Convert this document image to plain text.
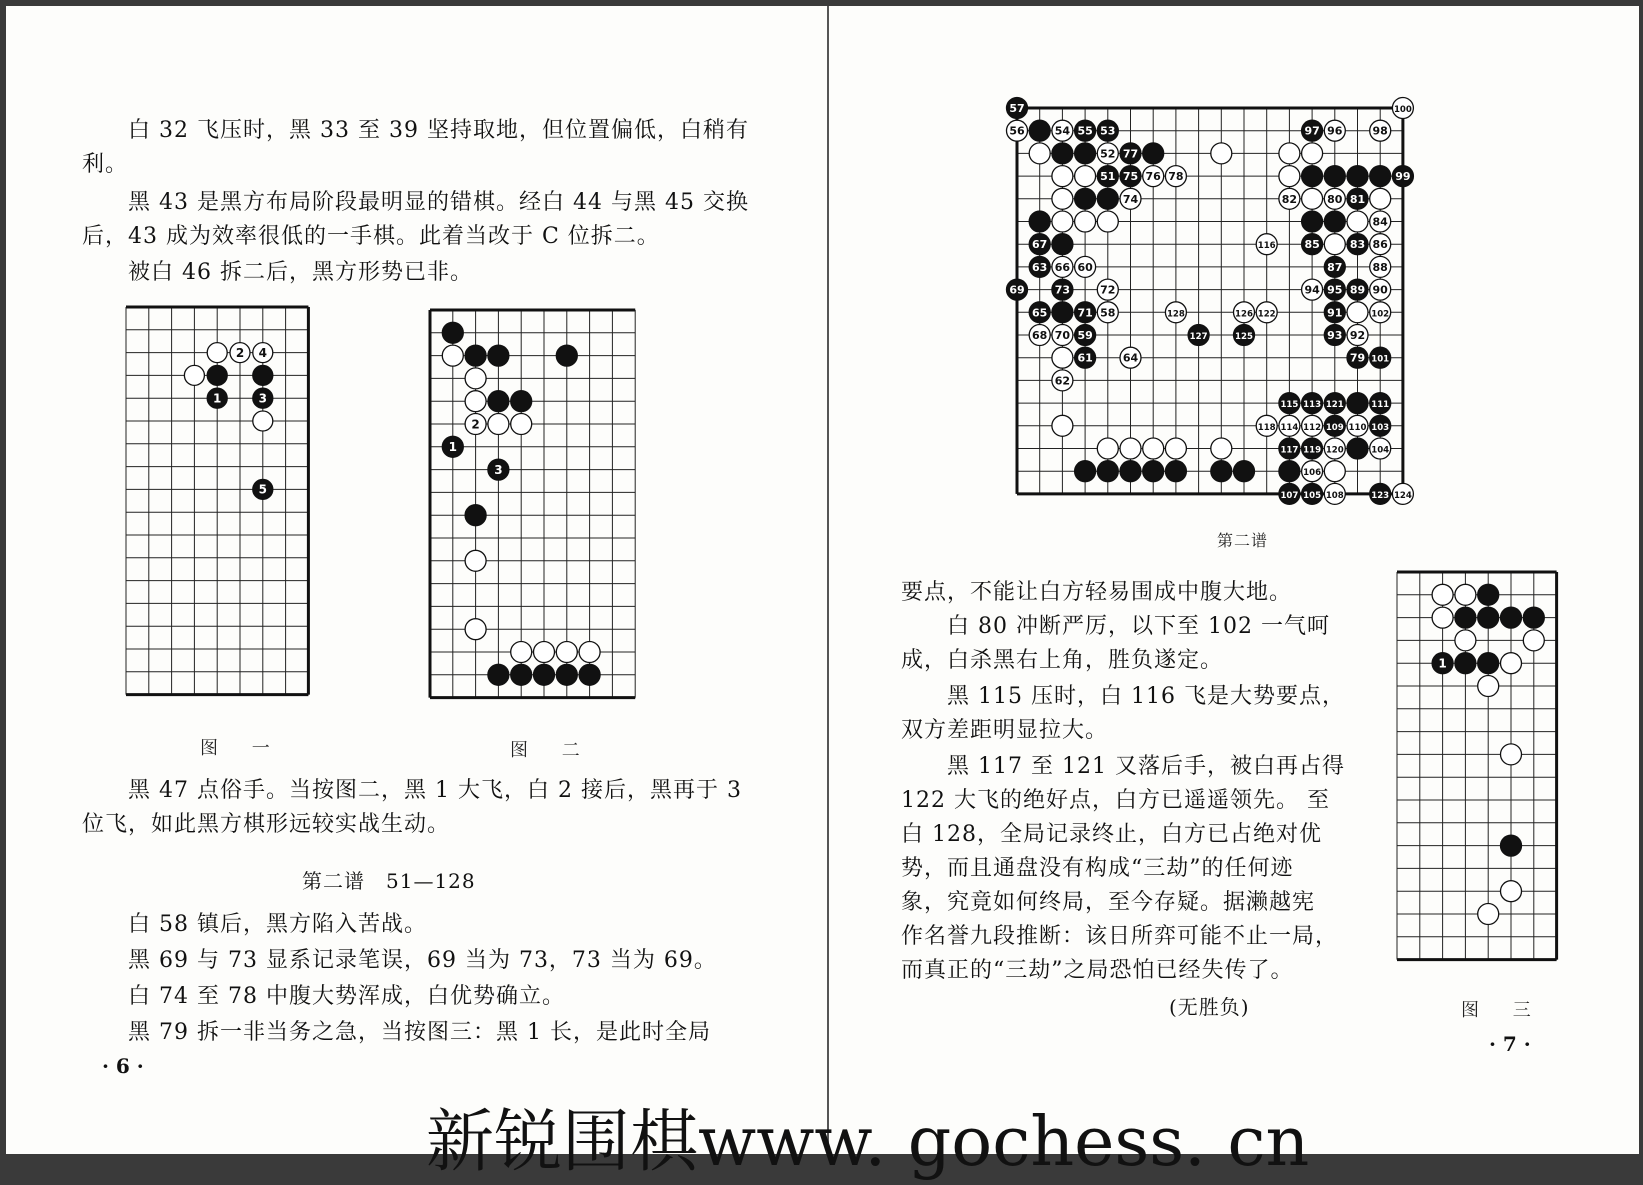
　　白 32 飞压时，黑 33 至 39 坚持取地，但位置偏低，白稍有
利。
　　黑 43 是黑方布局阶段最明显的错棋。经白 44 与黑 45 交换
后，43 成为效率很低的一手棋。此着当改于 C 位拆二。
　　被白 46 拆二后，黑方形势已非。
2 4
1	3
5
图 一
2
1
3
图 二
　　黑 47 点俗手。当按图二，黑 1 大飞，白 2 接后，黑再于 3
位飞，如此黑方棋形远较实战生动。
第二谱　51—128
　　白 58 镇后，黑方陷入苦战。
　　黑 69 与 73 显系记录笔误，69 当为 73，73 当为 69。
　　白 74 至 78 中腹大势浑成，白优势确立。
　　黑 79 拆一非当务之急，当按图三：黑 1 长，是此时全局
· 6 ·
57	100
56	54 55 53	97 96	98
52 77
51 75 76 78	99
74	82	80 81
84
67	116	85	83 86
63 66 60	87	88
69	73	72	94 95 89 90
65	71 58	128	126 122	91	102
68 70 59	127	125	93 92
61	64	79 101
62
115 113 121	111
118 114 112 109 110 103
117 119 120	104
106
107 105 108	123 124
第二谱
要点，不能让白方轻易围成中腹大地。
　　白 80 冲断严厉，以下至 102 一气呵
成，白杀黑右上角，胜负遂定。
　　黑 115 压时，白 116 飞是大势要点，
双方差距明显拉大。
　　黑 117 至 121 又落后手，被白再占得
122 大飞的绝好点，白方已遥遥领先。 至
白 128，全局记录终止，白方已占绝对优
势，而且通盘没有构成“三劫”的任何迹
象，究竟如何终局，至今存疑。据濑越宪
作名誉九段推断：该日所弈可能不止一局，
而真正的“三劫”之局恐怕已经失传了。
(无胜负)
1
图 三
· 7 ·
新锐围棋www. gochess. cn
